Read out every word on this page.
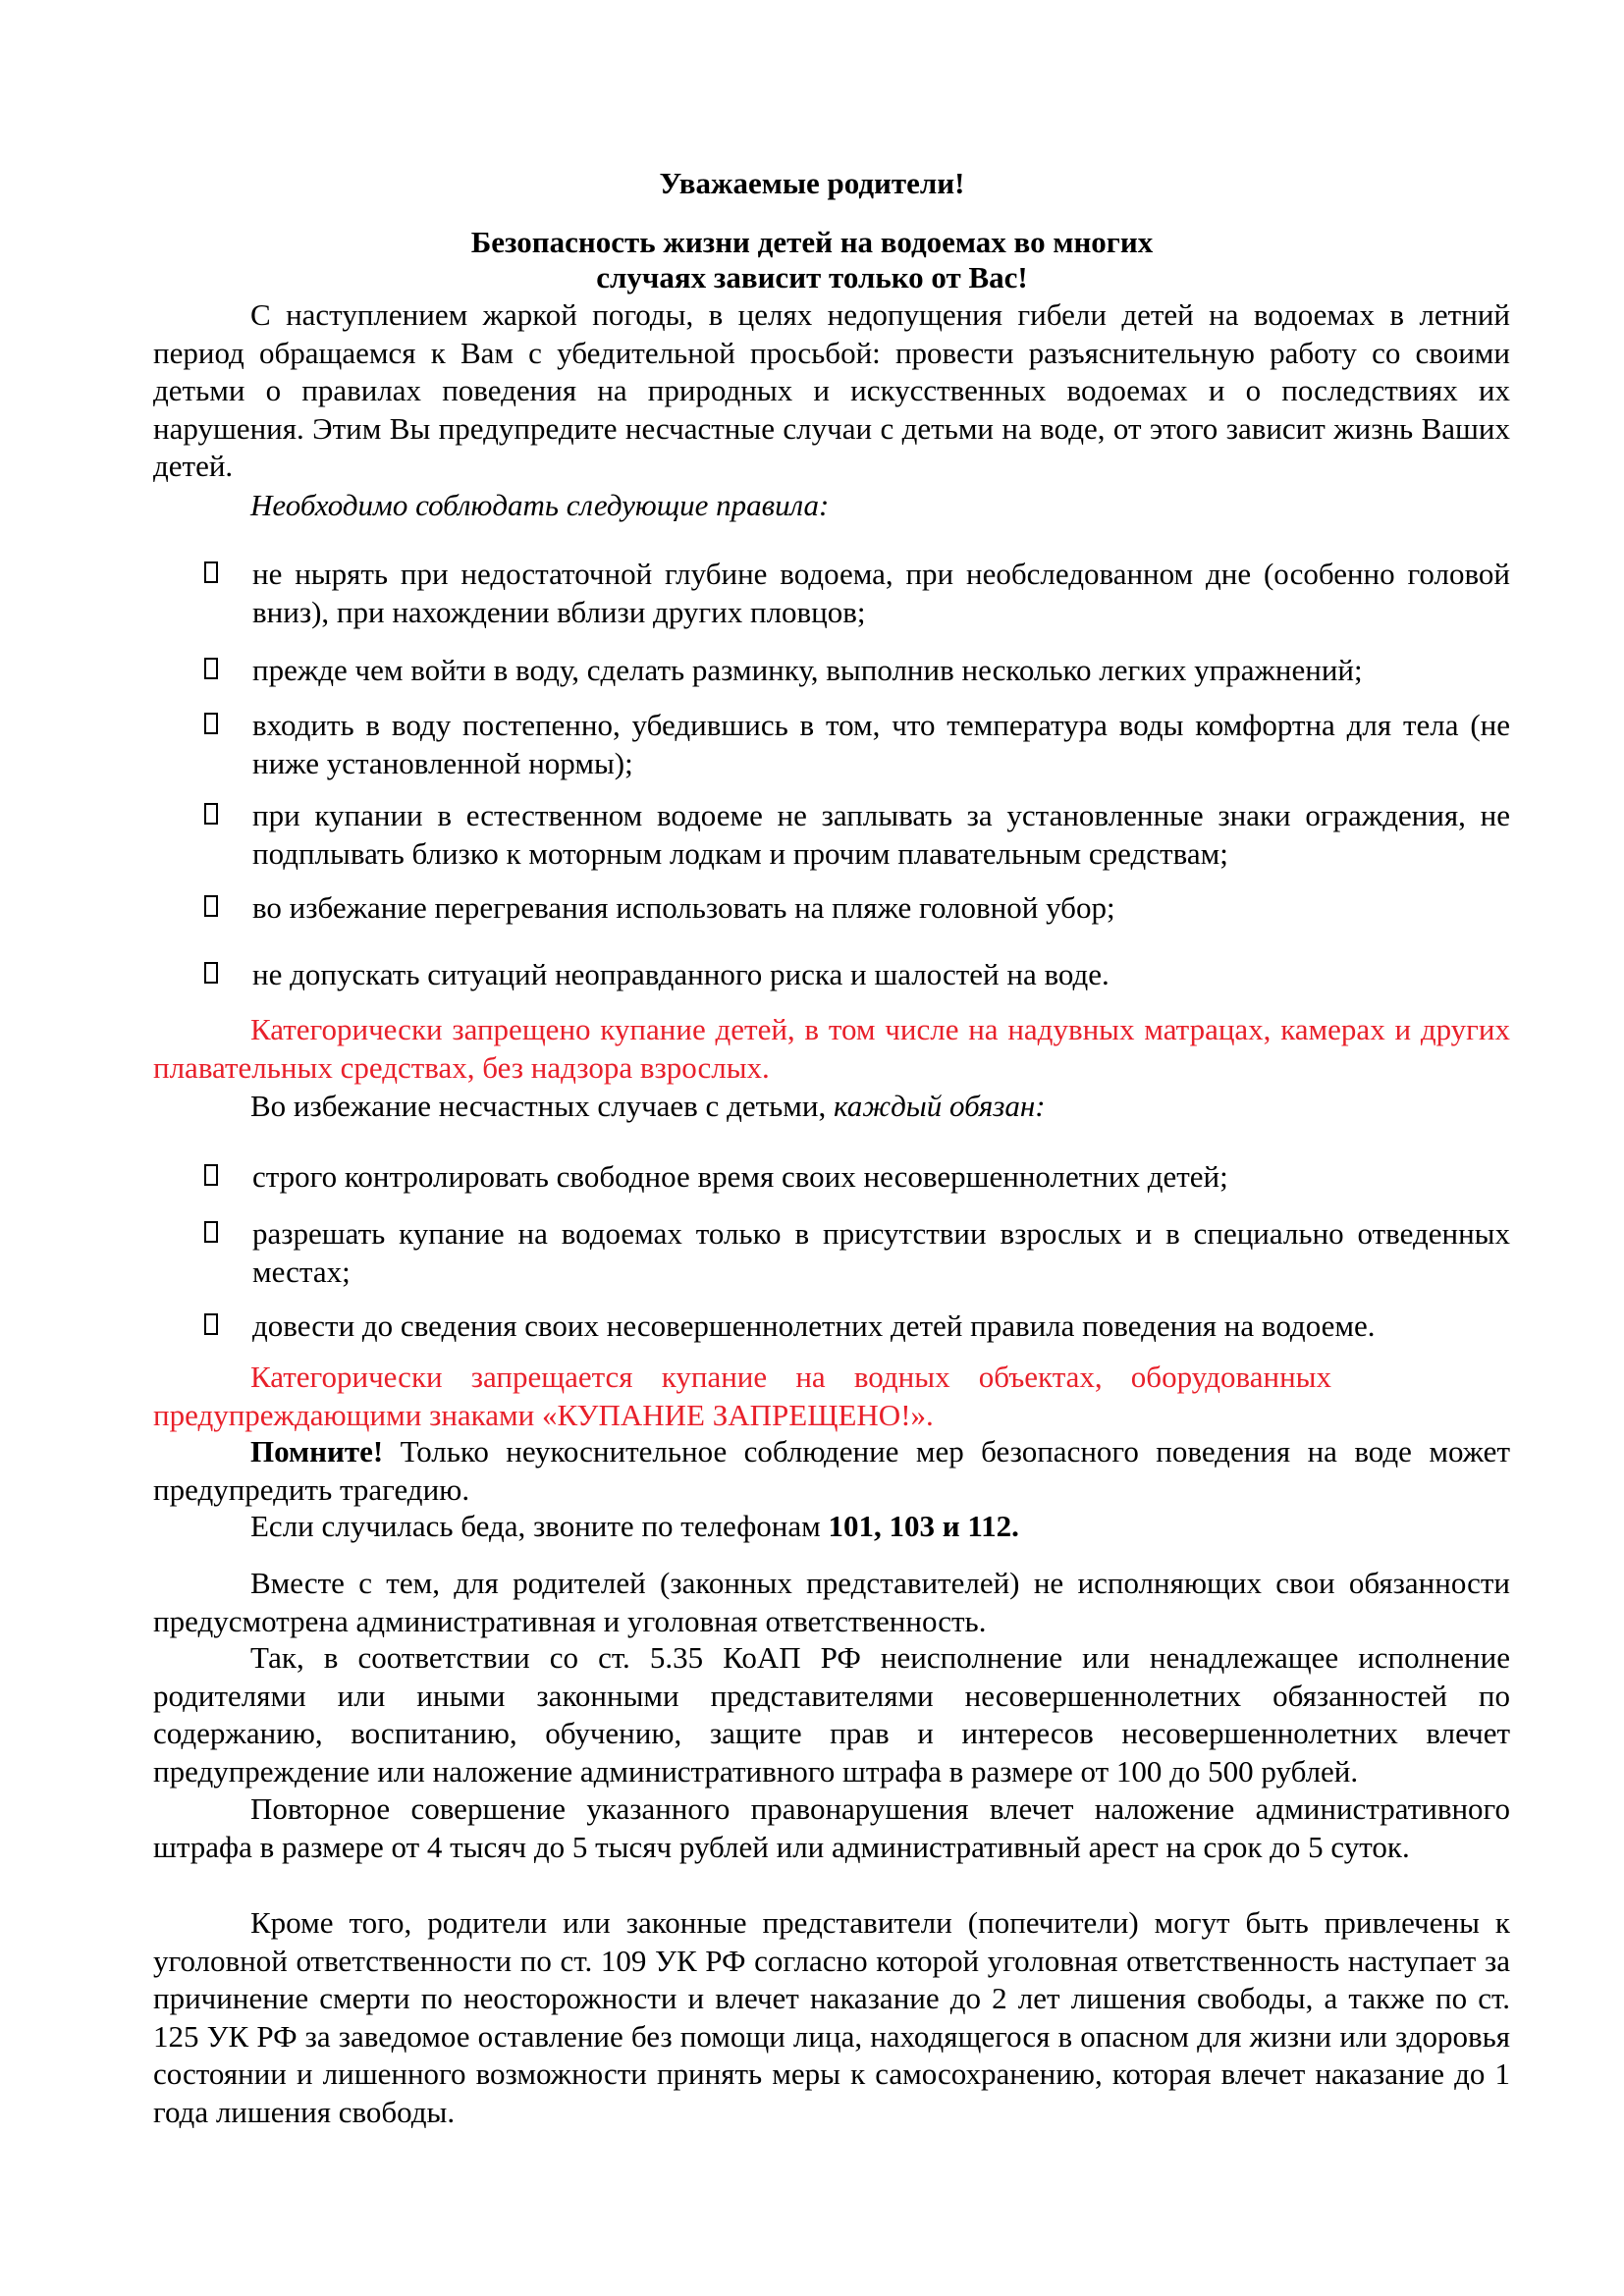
Уважаемые родители!

Безопасность жизни детей на водоемах во многих

случаях зависит только от Вас!

С наступлением жаркой погоды, в целях недопущения гибели детей на водоемах в летний период обращаемся к Вам с убедительной просьбой: провести разъяснительную работу со своими детьми о правилах поведения на природных и искусственных водоемах и о последствиях их нарушения. Этим Вы предупредите несчастные случаи с детьми на воде, от этого зависит жизнь Ваших детей.

Необходимо соблюдать следующие правила:

не нырять при недостаточной глубине водоема, при необследованном дне (особенно головой вниз), при нахождении вблизи других пловцов;

прежде чем войти в воду, сделать разминку, выполнив несколько легких упражнений;

входить в воду постепенно, убедившись в том, что температура воды комфортна для тела (не ниже установленной нормы);

при купании в естественном водоеме не заплывать за установленные знаки ограждения, не подплывать близко к моторным лодкам и прочим плавательным средствам;

во избежание перегревания использовать на пляже головной убор;

не допускать ситуаций неоправданного риска и шалостей на воде.

Категорически запрещено купание детей, в том числе на надувных матрацах, камерах и других плавательных средствах, без надзора взрослых.

Во избежание несчастных случаев с детьми, каждый обязан:

строго контролировать свободное время своих несовершеннолетних детей;

разрешать купание на водоемах только в присутствии взрослых и в специально отведенных местах;

довести до сведения своих несовершеннолетних детей правила поведения на водоеме.

Категорически запрещается купание на водных объектах, оборудованных предупреждающими знаками «КУПАНИЕ ЗАПРЕЩЕНО!».

Помните! Только неукоснительное соблюдение мер безопасного поведения на воде может предупредить трагедию.

Если случилась беда, звоните по телефонам 101, 103 и 112.

Вместе с тем, для родителей (законных представителей) не исполняющих свои обязанности предусмотрена административная и уголовная ответственность.

Так, в соответствии со ст. 5.35 КоАП РФ неисполнение или ненадлежащее исполнение родителями или иными законными представителями несовершеннолетних обязанностей по содержанию, воспитанию, обучению, защите прав и интересов несовершеннолетних влечет предупреждение или наложение административного штрафа в размере от 100 до 500 рублей.

Повторное совершение указанного правонарушения влечет наложение административного штрафа в размере от 4 тысяч до 5 тысяч рублей или административный арест на срок до 5 суток.

Кроме того, родители или законные представители (попечители) могут быть привлечены к уголовной ответственности по ст. 109 УК РФ согласно которой уголовная ответственность наступает за причинение смерти по неосторожности и влечет наказание до 2 лет лишения свободы, а также по ст. 125 УК РФ за заведомое оставление без помощи лица, находящегося в опасном для жизни или здоровья состоянии и лишенного возможности принять меры к самосохранению, которая влечет наказание до 1 года лишения свободы.
